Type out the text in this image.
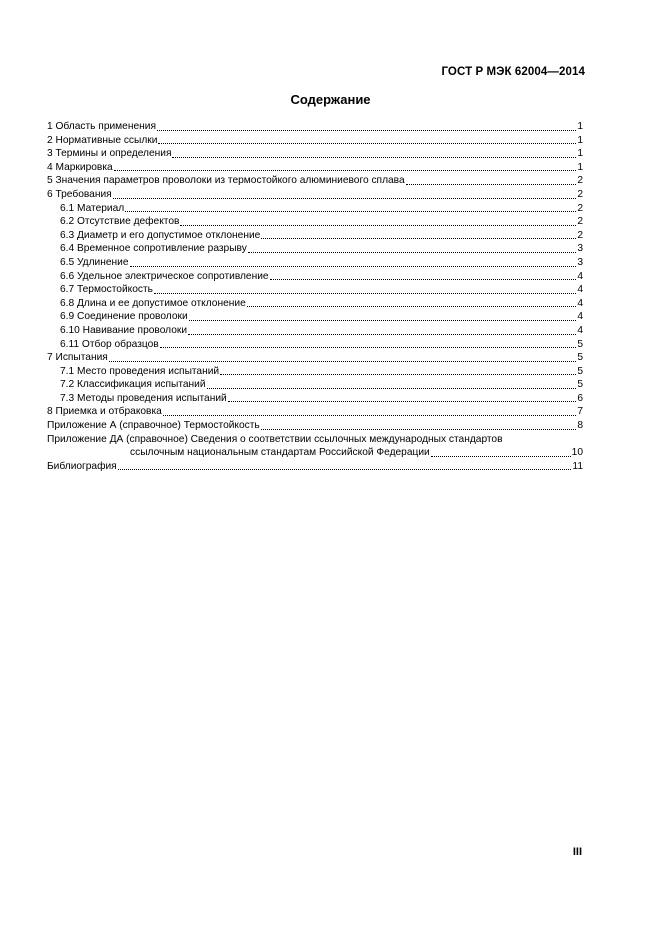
ГОСТ Р МЭК 62004—2014
Содержание
1 Область применения	1
2 Нормативные ссылки	1
3 Термины и определения	1
4 Маркировка	1
5 Значения параметров проволоки из термостойкого алюминиевого сплава	2
6 Требования	2
6.1 Материал	2
6.2 Отсутствие дефектов	2
6.3 Диаметр и его допустимое отклонение	2
6.4 Временное сопротивление разрыву	3
6.5 Удлинение	3
6.6 Удельное электрическое сопротивление	4
6.7 Термостойкость	4
6.8 Длина и ее допустимое отклонение	4
6.9 Соединение проволоки	4
6.10 Навивание проволоки	4
6.11 Отбор образцов	5
7 Испытания	5
7.1 Место проведения испытаний	5
7.2 Классификация испытаний	5
7.3 Методы проведения испытаний	6
8 Приемка и отбраковка	7
Приложение А (справочное) Термостойкость	8
Приложение ДА (справочное) Сведения о соответствии ссылочных международных стандартов
ссылочным национальным стандартам Российской Федерации	10
Библиография	11
III
